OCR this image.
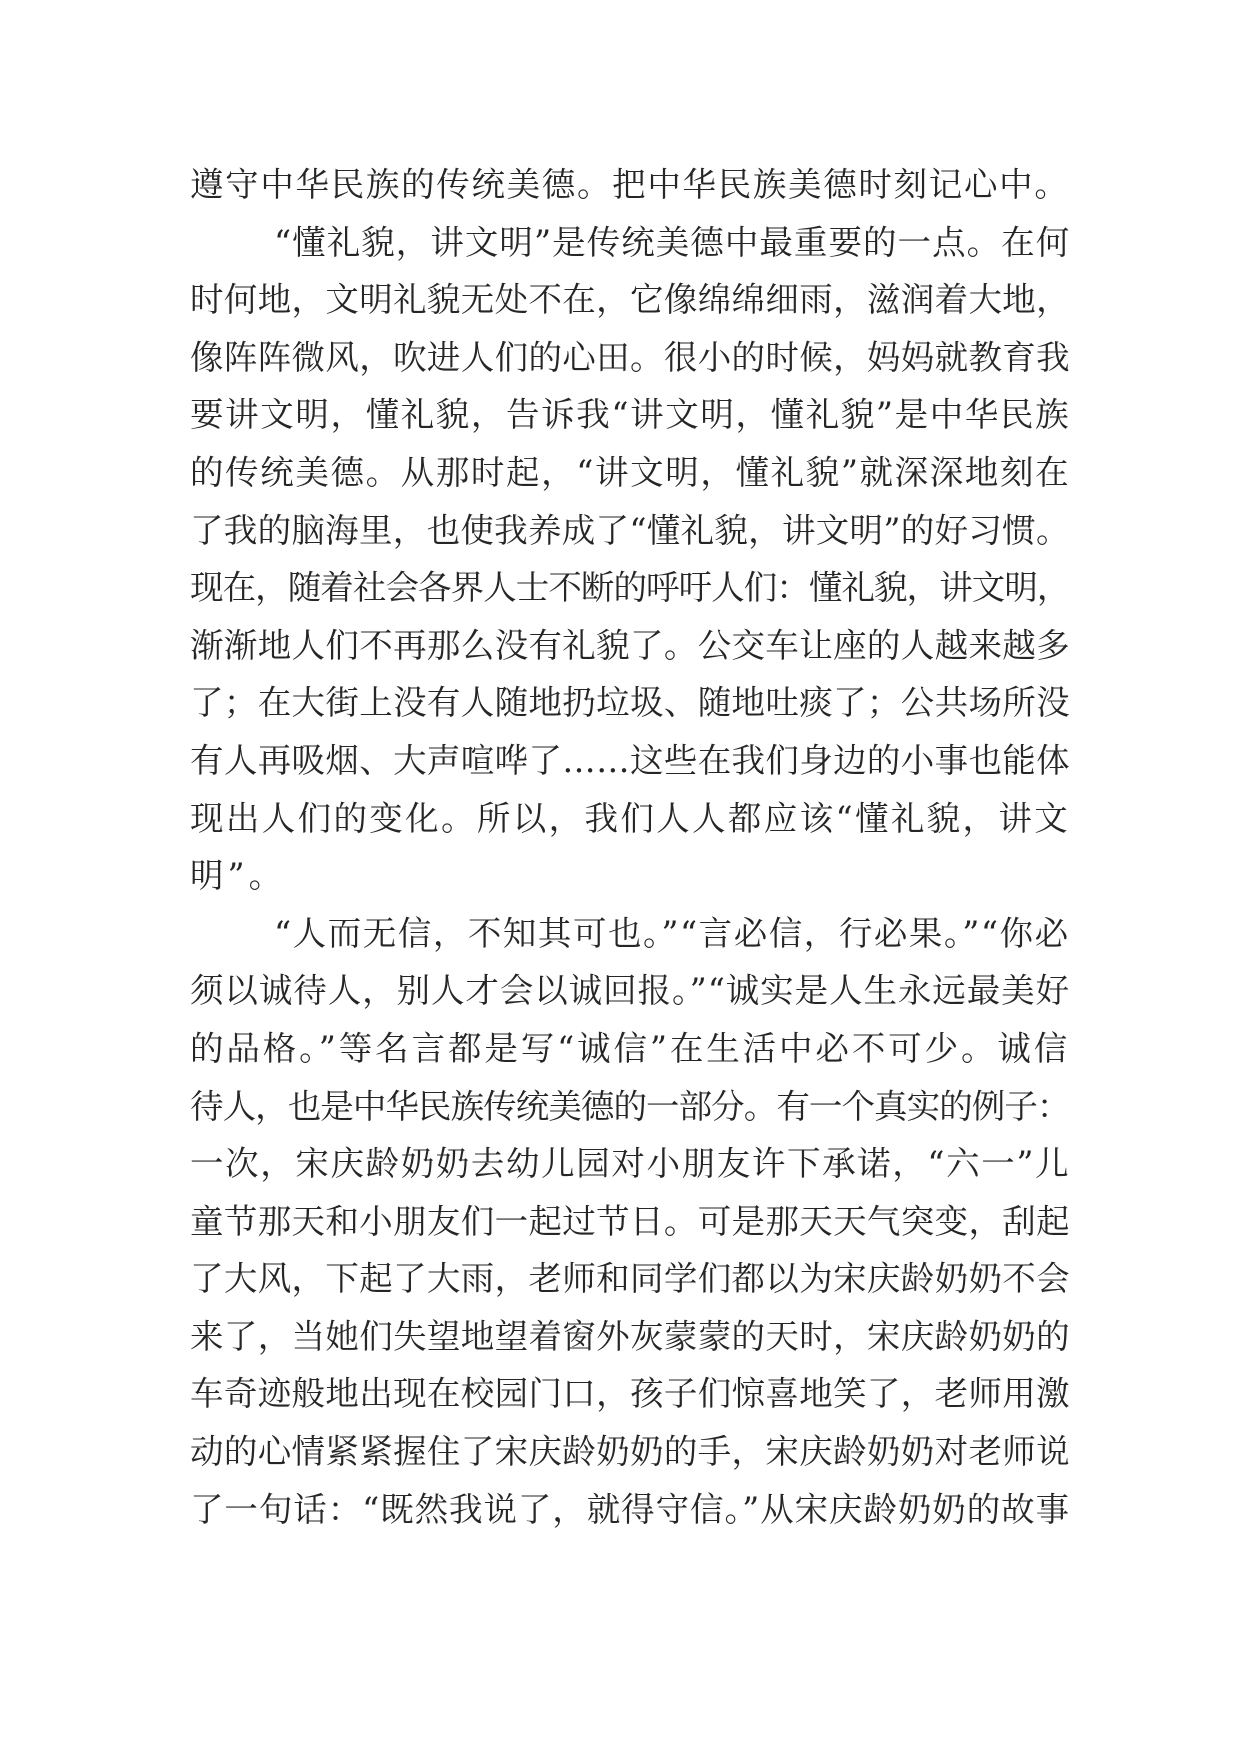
遵守中华民族的传统美德。把中华民族美德时刻记心中。
“懂礼貌，讲文明”是传统美德中最重要的一点。在何
时何地，文明礼貌无处不在，它像绵绵细雨，滋润着大地，
像阵阵微风，吹进人们的心田。很小的时候，妈妈就教育我
要讲文明，懂礼貌，告诉我“讲文明，懂礼貌”是中华民族
的传统美德。从那时起，“讲文明，懂礼貌”就深深地刻在
了我的脑海里，也使我养成了“懂礼貌，讲文明”的好习惯。
现在，随着社会各界人士不断的呼吁人们：懂礼貌，讲文明，
渐渐地人们不再那么没有礼貌了。公交车让座的人越来越多
了；在大街上没有人随地扔垃圾、随地吐痰了；公共场所没
有人再吸烟、大声喧哗了……这些在我们身边的小事也能体
现出人们的变化。所以，我们人人都应该“懂礼貌，讲文
明”。
“人而无信，不知其可也。”“言必信，行必果。”“你必
须以诚待人，别人才会以诚回报。”“诚实是人生永远最美好
的品格。”等名言都是写“诚信”在生活中必不可少。诚信
待人，也是中华民族传统美德的一部分。有一个真实的例子：
一次，宋庆龄奶奶去幼儿园对小朋友许下承诺，“六一”儿
童节那天和小朋友们一起过节日。可是那天天气突变，刮起
了大风，下起了大雨，老师和同学们都以为宋庆龄奶奶不会
来了，当她们失望地望着窗外灰蒙蒙的天时，宋庆龄奶奶的
车奇迹般地出现在校园门口，孩子们惊喜地笑了，老师用激
动的心情紧紧握住了宋庆龄奶奶的手，宋庆龄奶奶对老师说
了一句话：“既然我说了，就得守信。”从宋庆龄奶奶的故事
